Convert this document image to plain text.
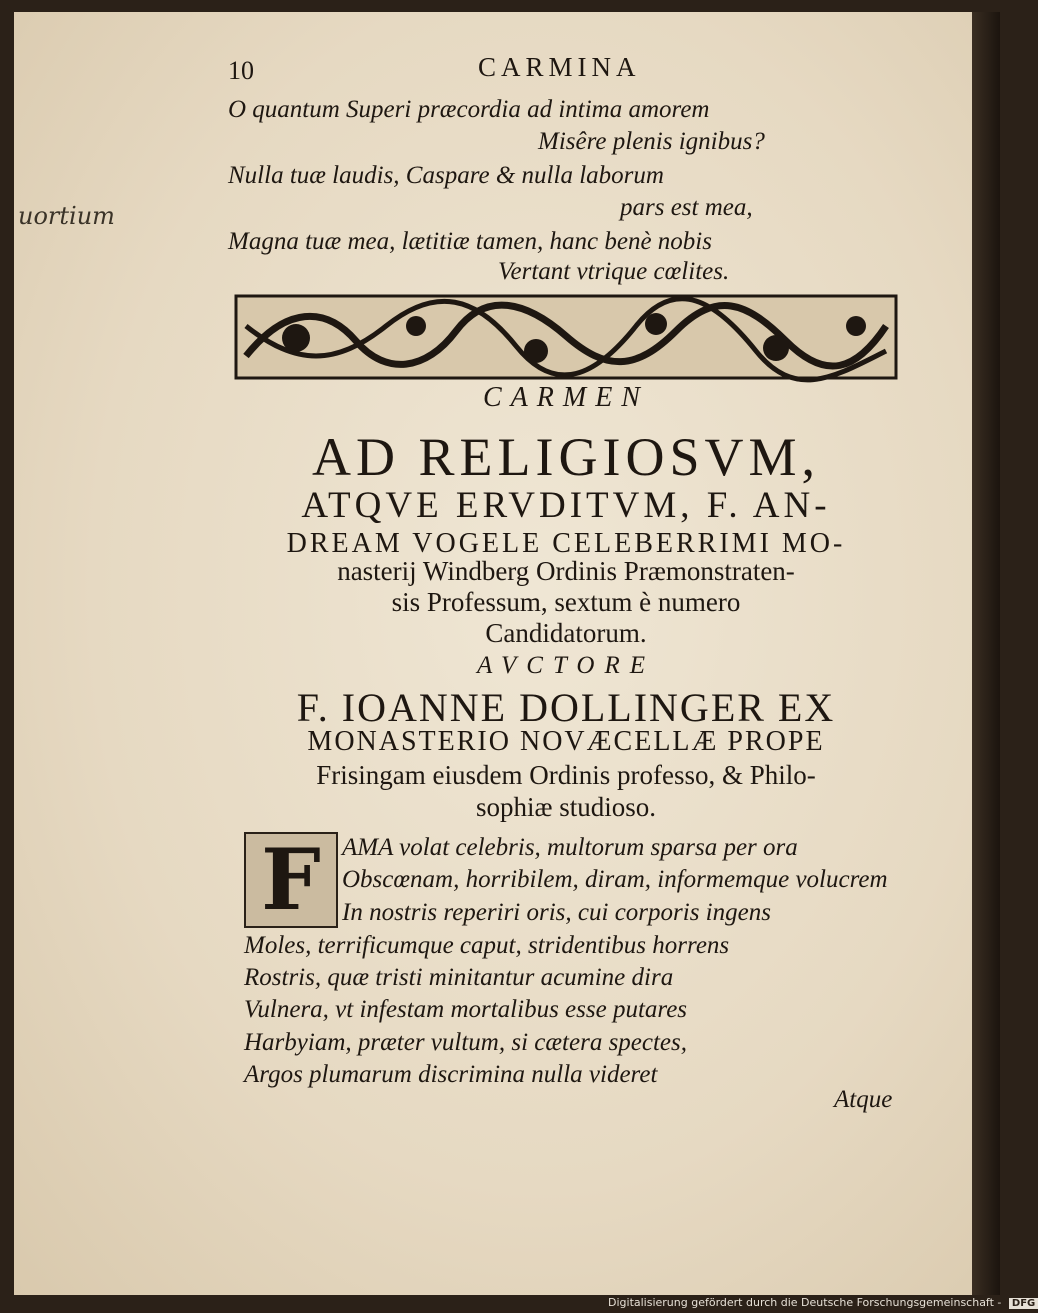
10	CARMINA
O quantum Superi præcordia ad intima amorem
Misêre plenis ignibus?
Nulla tuæ laudis, Caspare & nulla laborum
pars est mea,
Magna tuæ mea, lætitiæ tamen, hanc benè nobis
Vertant vtrique cœlites.
uortium
CARMEN
AD RELIGIOSVM,
ATQVE ERVDITVM, F. AN-
DREAM VOGELE CELEBERRIMI MO-
nasterij Windberg Ordinis Præmonstraten-
sis Professum, sextum è numero
Candidatorum.
AVCTORE
F. IOANNE DOLLINGER EX
MONASTERIO NOVÆCELLÆ PROPE
Frisingam eiusdem Ordinis professo, & Philo-
sophiæ studioso.
F AMA volat celebris, multorum sparsa per ora
Obscœnam, horribilem, diram, informemque volucrem
In nostris reperiri oris, cui corporis ingens
Moles, terrificumque caput, stridentibus horrens
Rostris, quæ tristi minitantur acumine dira
Vulnera, vt infestam mortalibus esse putares
Harbyiam, præter vultum, si cætera spectes,
Argos plumarum discrimina nulla videret
Atque
Digitalisierung gefördert durch die Deutsche Forschungsgemeinschaft - DFG
